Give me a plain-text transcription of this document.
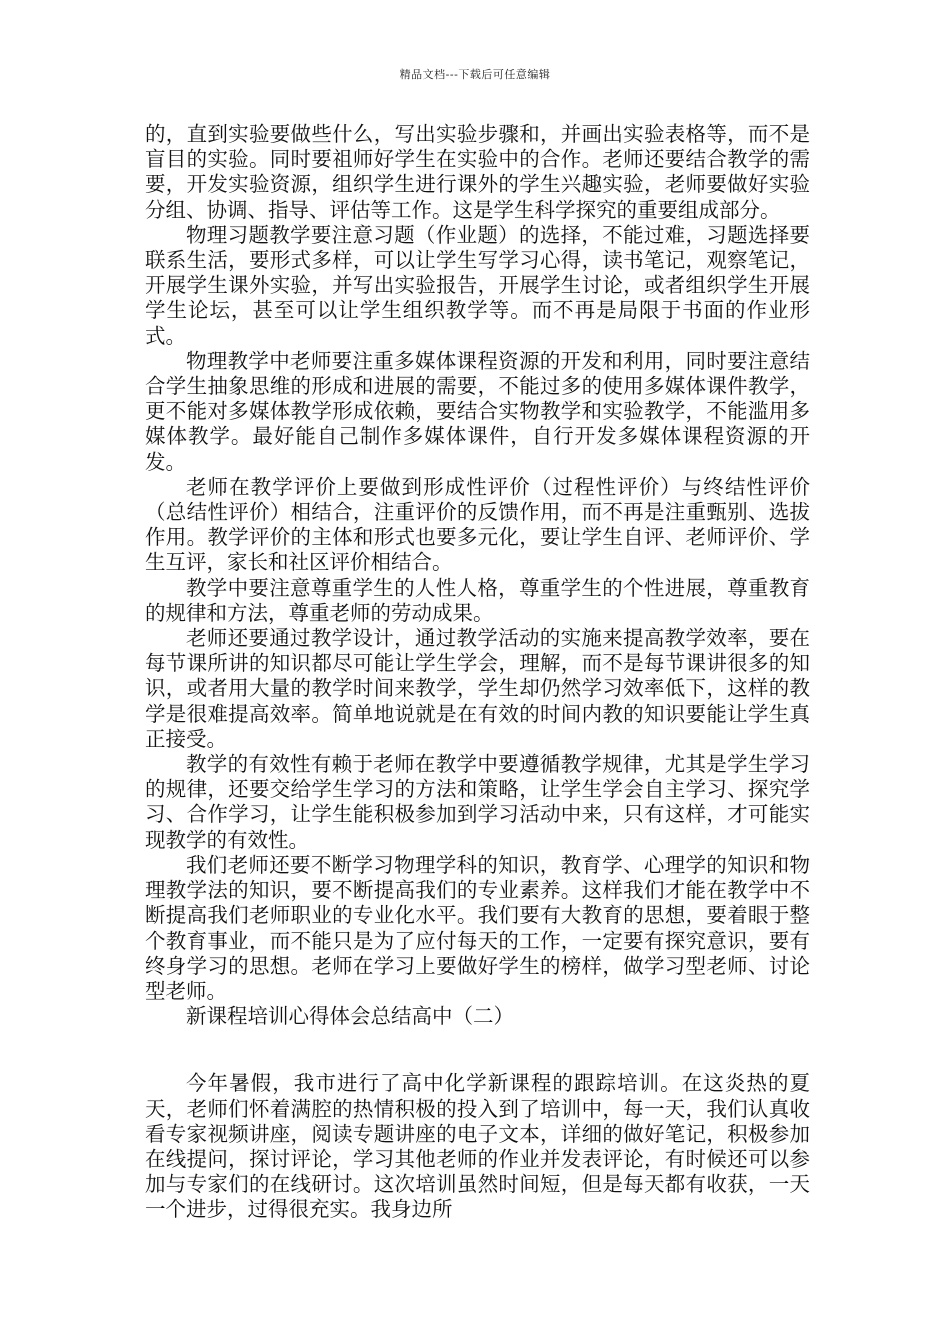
精品文档---下载后可任意编辑

的，直到实验要做些什么，写出实验步骤和，并画出实验表格等，而不是盲目的实验。同时要祖师好学生在实验中的合作。老师还要结合教学的需要，开发实验资源，组织学生进行课外的学生兴趣实验，老师要做好实验分组、协调、指导、评估等工作。这是学生科学探究的重要组成部分。

物理习题教学要注意习题（作业题）的选择，不能过难，习题选择要联系生活，要形式多样，可以让学生写学习心得，读书笔记，观察笔记，开展学生课外实验，并写出实验报告，开展学生讨论，或者组织学生开展学生论坛，甚至可以让学生组织教学等。而不再是局限于书面的作业形式。

物理教学中老师要注重多媒体课程资源的开发和利用，同时要注意结合学生抽象思维的形成和进展的需要，不能过多的使用多媒体课件教学，更不能对多媒体教学形成依赖，要结合实物教学和实验教学，不能滥用多媒体教学。最好能自己制作多媒体课件，自行开发多媒体课程资源的开发。

老师在教学评价上要做到形成性评价（过程性评价）与终结性评价（总结性评价）相结合，注重评价的反馈作用，而不再是注重甄别、选拔作用。教学评价的主体和形式也要多元化，要让学生自评、老师评价、学生互评，家长和社区评价相结合。

教学中要注意尊重学生的人性人格，尊重学生的个性进展，尊重教育的规律和方法，尊重老师的劳动成果。

老师还要通过教学设计，通过教学活动的实施来提高教学效率，要在每节课所讲的知识都尽可能让学生学会，理解，而不是每节课讲很多的知识，或者用大量的教学时间来教学，学生却仍然学习效率低下，这样的教学是很难提高效率。简单地说就是在有效的时间内教的知识要能让学生真正接受。

教学的有效性有赖于老师在教学中要遵循教学规律，尤其是学生学习的规律，还要交给学生学习的方法和策略，让学生学会自主学习、探究学习、合作学习，让学生能积极参加到学习活动中来，只有这样，才可能实现教学的有效性。

我们老师还要不断学习物理学科的知识，教育学、心理学的知识和物理教学法的知识，要不断提高我们的专业素养。这样我们才能在教学中不断提高我们老师职业的专业化水平。我们要有大教育的思想，要着眼于整个教育事业，而不能只是为了应付每天的工作，一定要有探究意识，要有终身学习的思想。老师在学习上要做好学生的榜样，做学习型老师、讨论型老师。

新课程培训心得体会总结高中（二）

今年暑假，我市进行了高中化学新课程的跟踪培训。在这炎热的夏天，老师们怀着满腔的热情积极的投入到了培训中，每一天，我们认真收看专家视频讲座，阅读专题讲座的电子文本，详细的做好笔记，积极参加在线提问，探讨评论，学习其他老师的作业并发表评论，有时候还可以参加与专家们的在线研讨。这次培训虽然时间短，但是每天都有收获，一天一个进步，过得很充实。我身边所
